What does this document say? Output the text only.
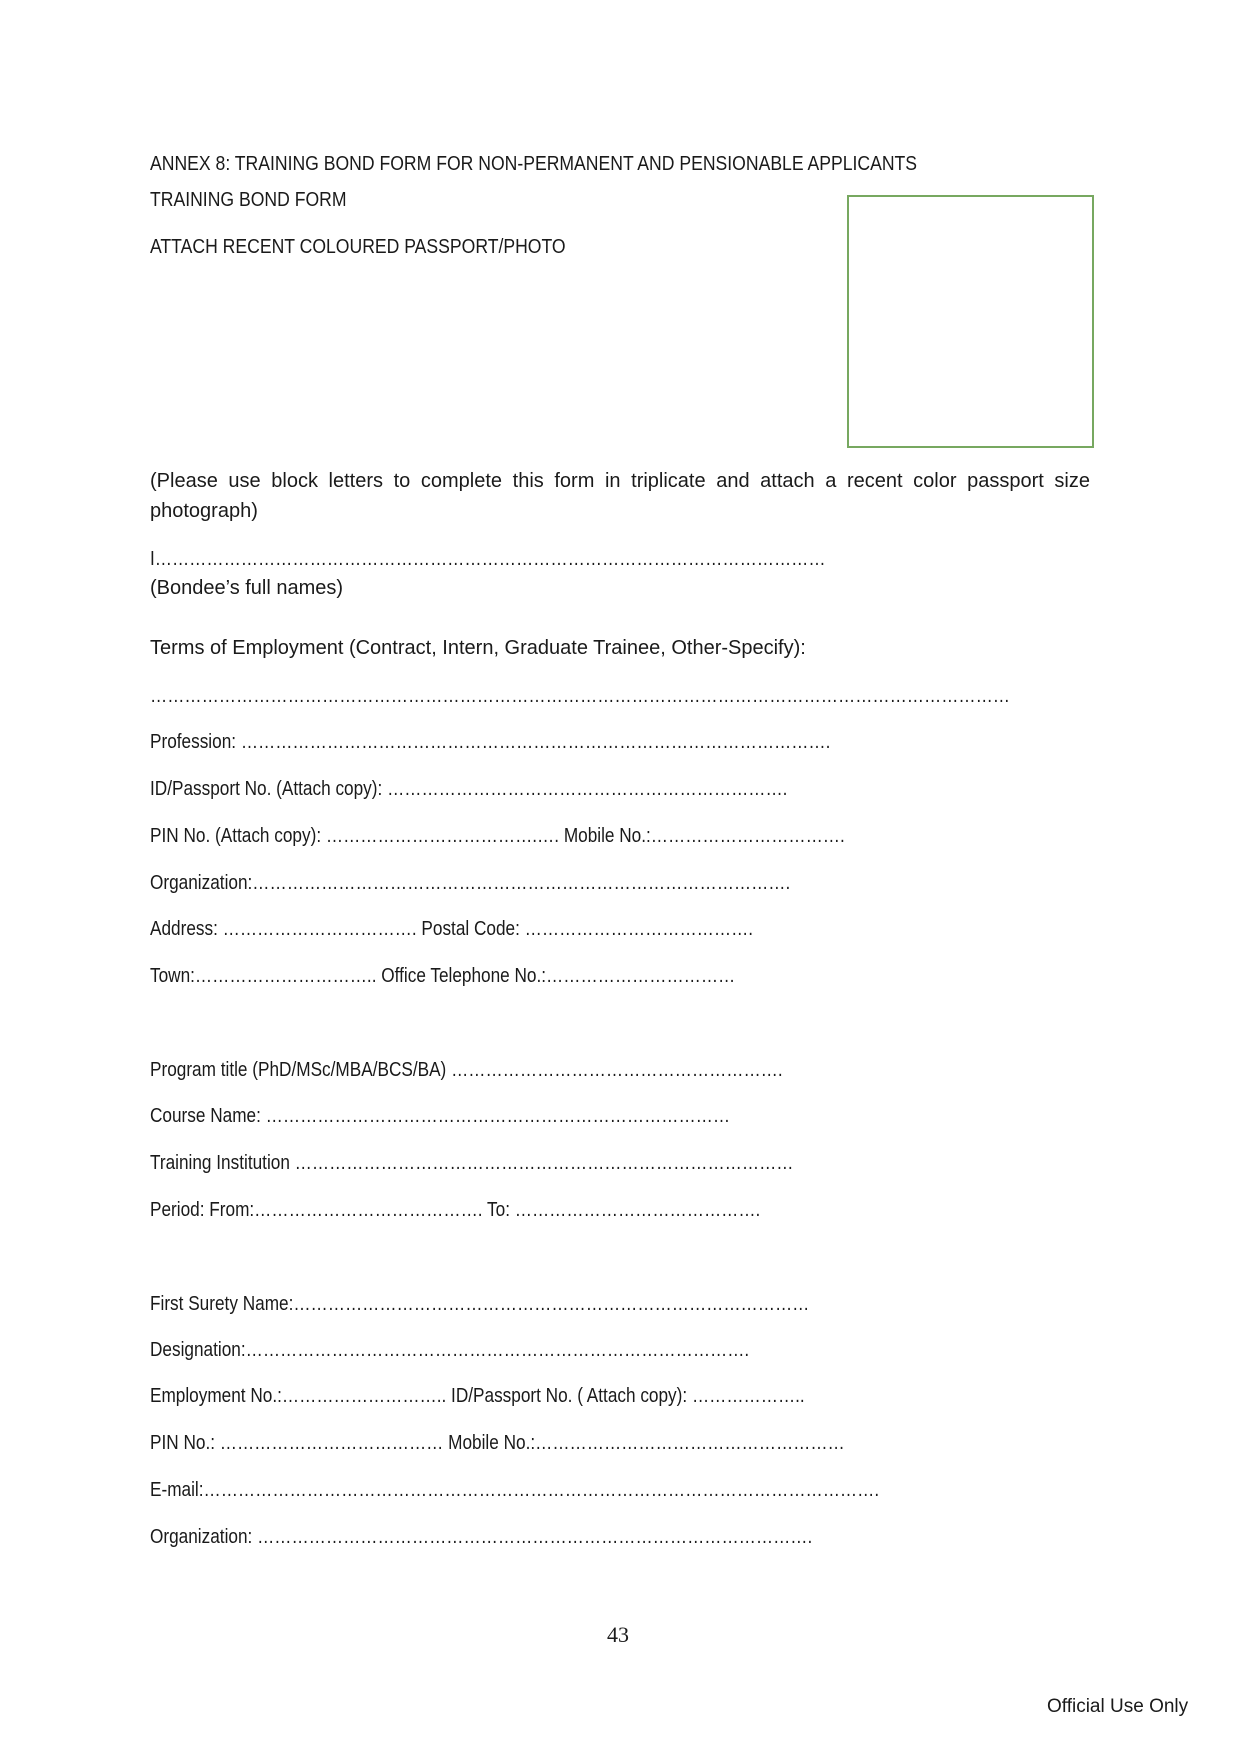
ANNEX 8: TRAINING BOND FORM FOR NON-PERMANENT AND PENSIONABLE APPLICANTS
TRAINING BOND FORM
ATTACH RECENT COLOURED PASSPORT/PHOTO
(Please use block letters to complete this form in triplicate and attach a recent color passport size photograph)
I………………………………………………………………………………………………………
(Bondee’s full names)
Terms of Employment (Contract, Intern, Graduate Trainee, Other-Specify):
……………………………………………………………………………………………………………………………………
Profession: ………………………………………………………………………………………….
ID/Passport No. (Attach copy): …………………………………………………………….
PIN No. (Attach copy): ……………………………….…. Mobile No.:…………………………….
Organization:………………………………………………………………………………….
Address: ……………………………. Postal Code: ………………………………….
Town:………………………….. Office Telephone No.:……………………………
Program title (PhD/MSc/MBA/BCS/BA) ………………………………………………….
Course Name: ………………………………………………………………………
Training Institution ……………………………………………………………………………
Period: From:…………………………………. To: …………………………………….
First Surety Name:………………………………………………………………………………
Designation:…………………………………………………………………………….
Employment No.:……………………….. ID/Passport No. ( Attach copy): ………………..
PIN No.: ………………………………… Mobile No.:………………………………………………
E-mail:……………………………………………………………………………………………………….
Organization: …………………………………………………………………………………….
43
Official Use Only
